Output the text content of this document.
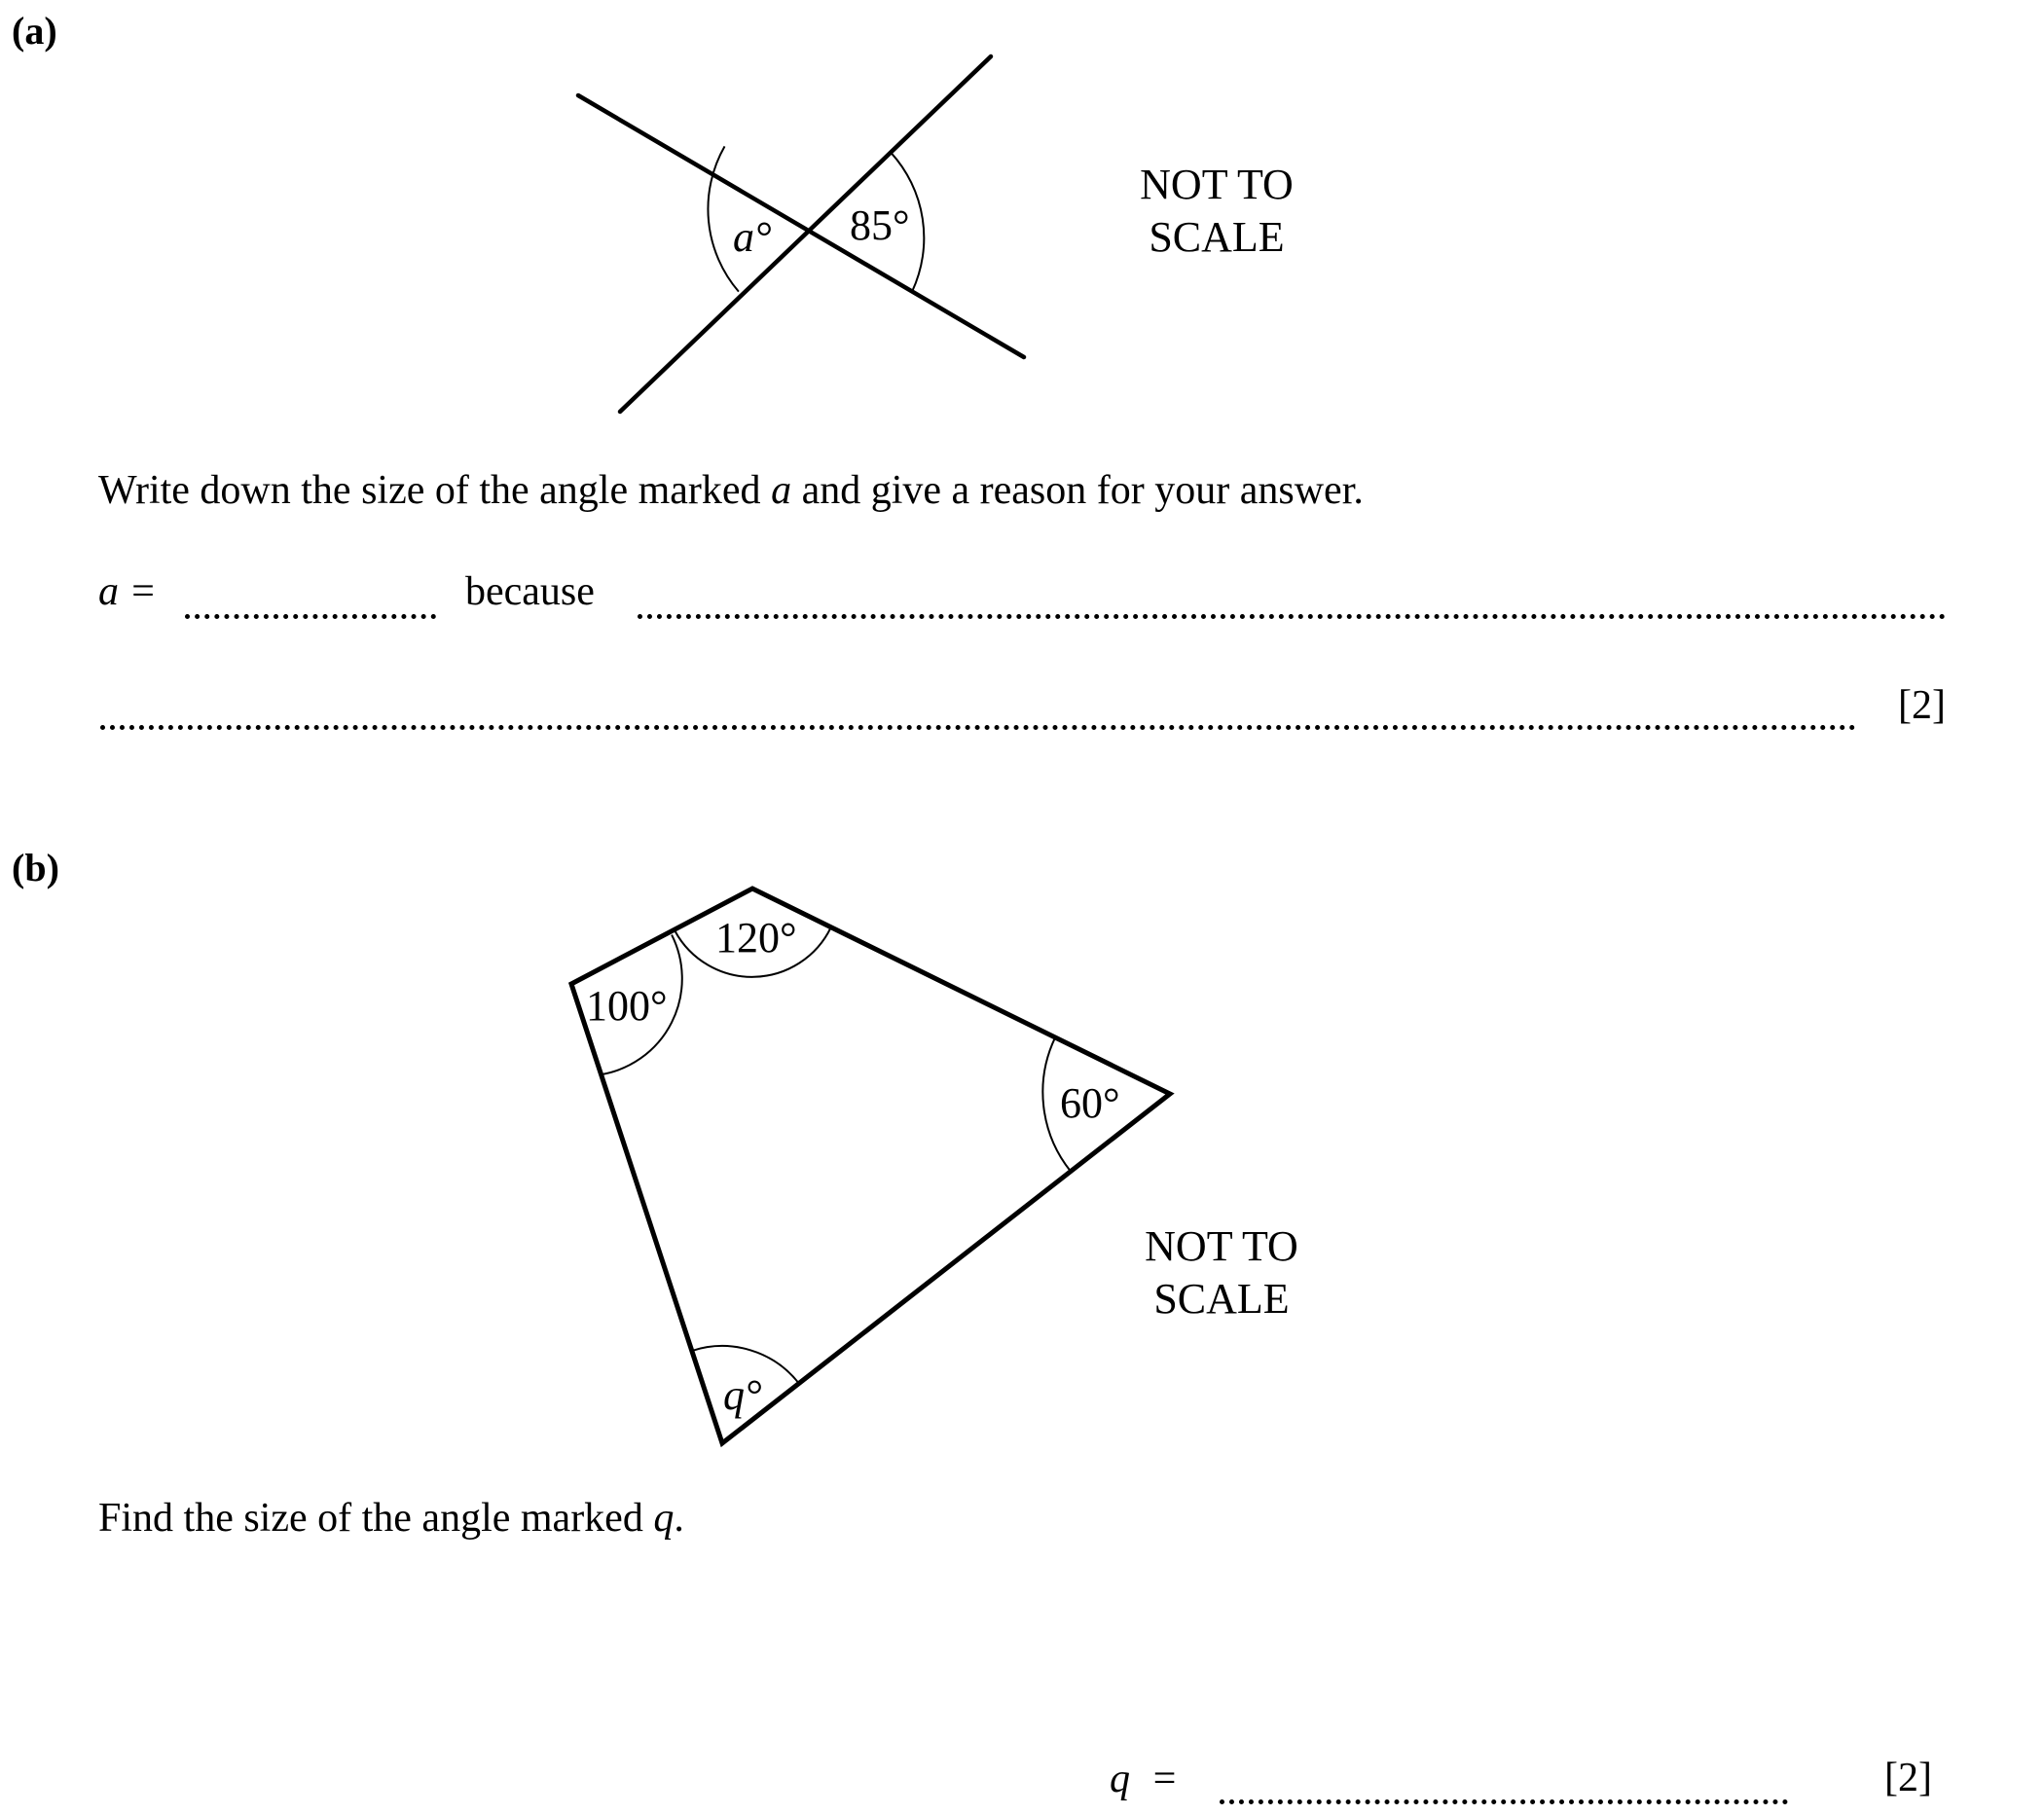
(a)
a° 85°
NOT TO
SCALE
Write down the size of the angle marked a and give a reason for your answer.
a =	because
[2]
(b)
120°
100°
60°
q°
NOT TO
SCALE
Find the size of the angle marked q.
q  =	[2]
